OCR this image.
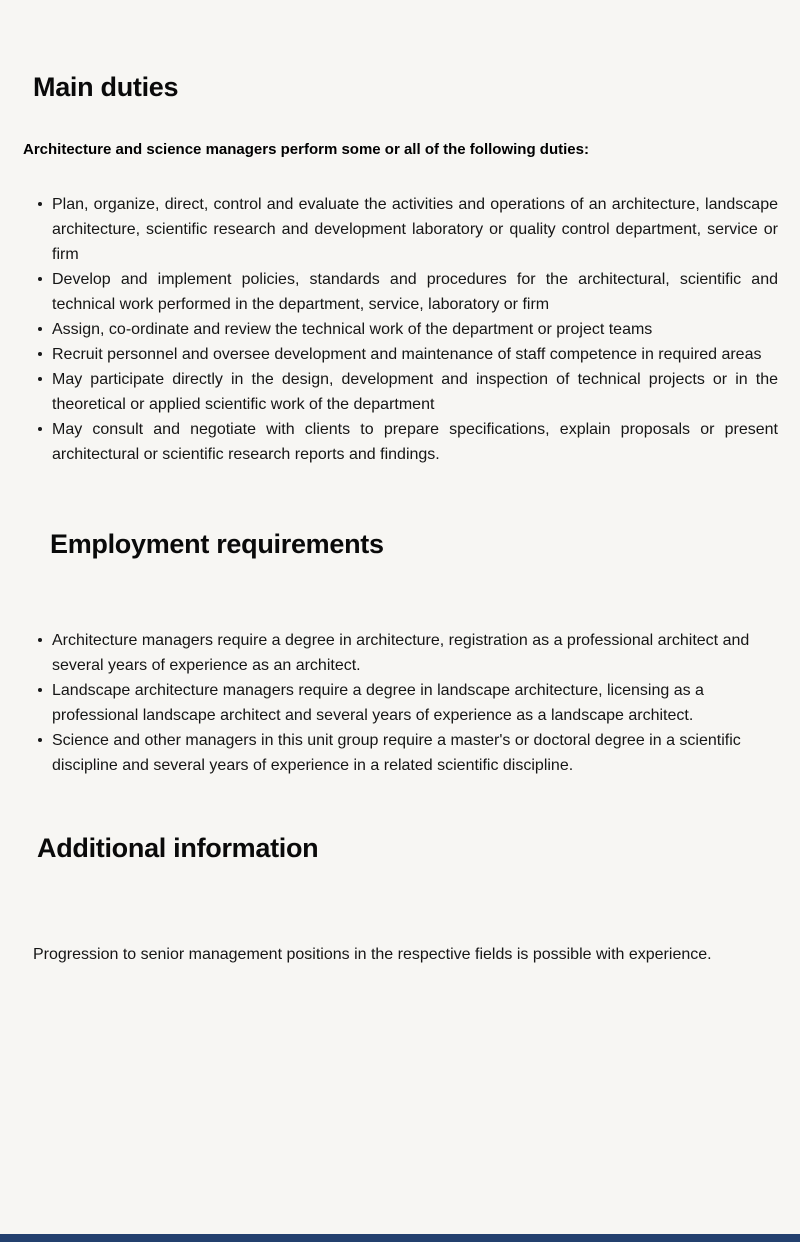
Main duties

Architecture and science managers perform some or all of the following duties:

Plan, organize, direct, control and evaluate the activities and operations of an architecture, landscape architecture, scientific research and development laboratory or quality control department, service or firm
Develop and implement policies, standards and procedures for the architectural, scientific and technical work performed in the department, service, laboratory or firm
Assign, co-ordinate and review the technical work of the department or project teams
Recruit personnel and oversee development and maintenance of staff competence in required areas
May participate directly in the design, development and inspection of technical projects or in the theoretical or applied scientific work of the department
May consult and negotiate with clients to prepare specifications, explain proposals or present architectural or scientific research reports and findings.
Employment requirements
Architecture managers require a degree in architecture, registration as a professional architect and several years of experience as an architect.
Landscape architecture managers require a degree in landscape architecture, licensing as a professional landscape architect and several years of experience as a landscape architect.
Science and other managers in this unit group require a master's or doctoral degree in a scientific discipline and several years of experience in a related scientific discipline.
Additional information

Progression to senior management positions in the respective fields is possible with experience.
